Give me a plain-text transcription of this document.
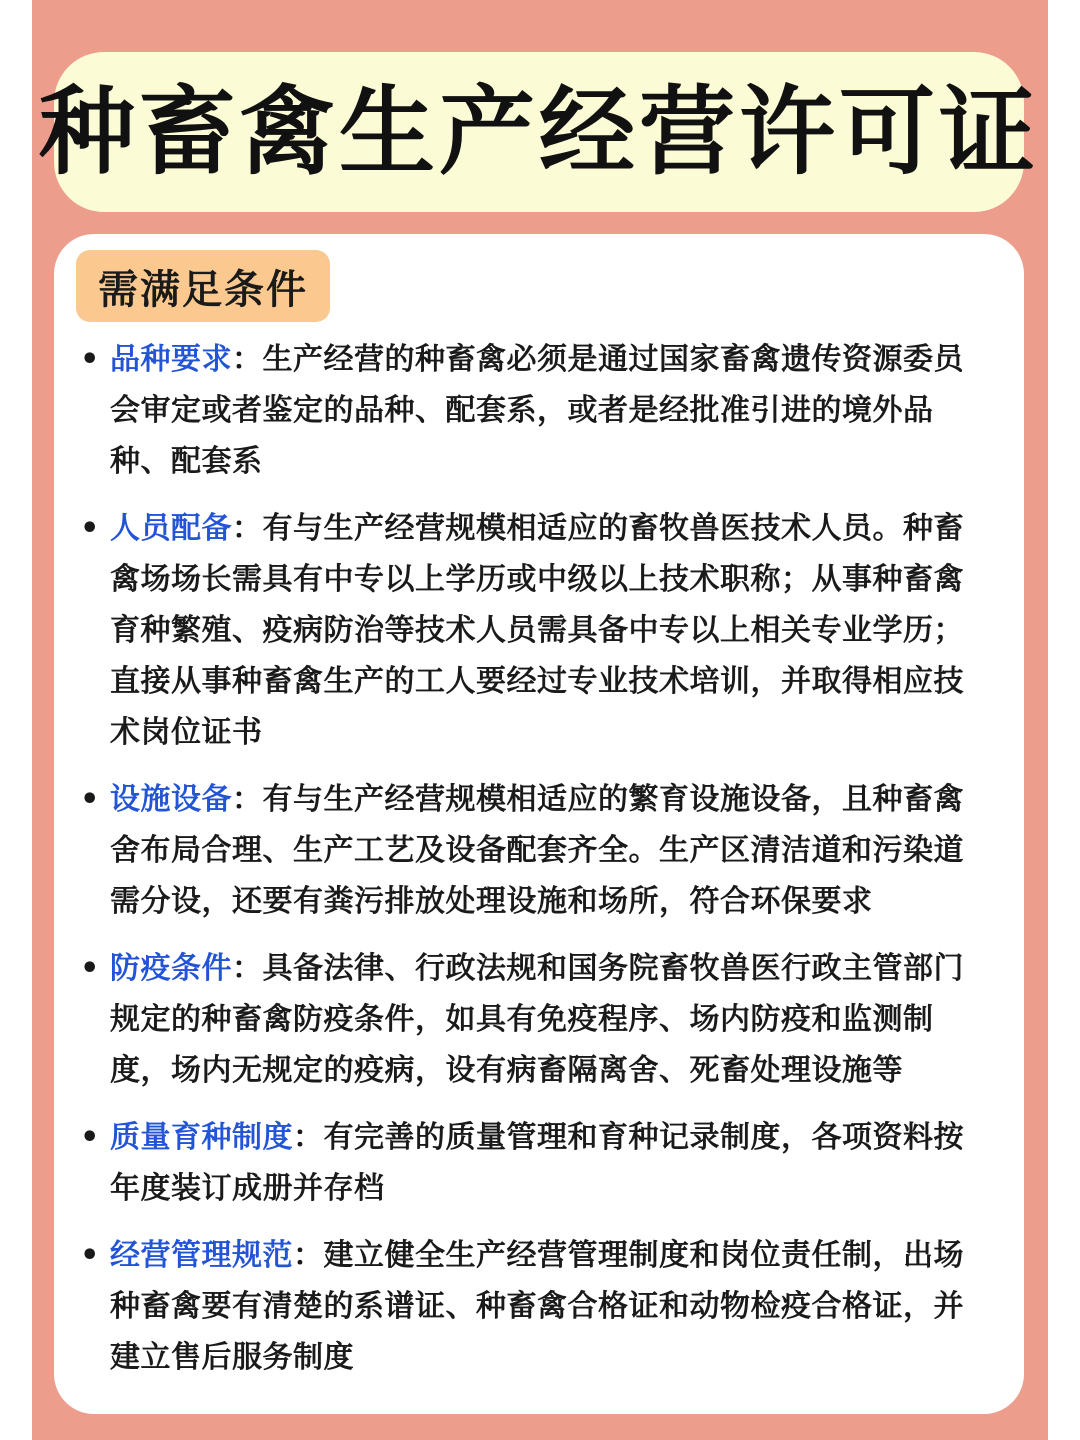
种畜禽生产经营许可证
需满足条件
• 品种要求：生产经营的种畜禽必须是通过国家畜禽遗传资源委员会审定或者鉴定的品种、配套系，或者是经批准引进的境外品种、配套系
• 人员配备：有与生产经营规模相适应的畜牧兽医技术人员。种畜禽场场长需具有中专以上学历或中级以上技术职称；从事种畜禽育种繁殖、疫病防治等技术人员需具备中专以上相关专业学历；直接从事种畜禽生产的工人要经过专业技术培训，并取得相应技术岗位证书
• 设施设备：有与生产经营规模相适应的繁育设施设备，且种畜禽舍布局合理、生产工艺及设备配套齐全。生产区清洁道和污染道需分设，还要有粪污排放处理设施和场所，符合环保要求
• 防疫条件：具备法律、行政法规和国务院畜牧兽医行政主管部门规定的种畜禽防疫条件，如具有免疫程序、场内防疫和监测制度，场内无规定的疫病，设有病畜隔离舍、死畜处理设施等
• 质量育种制度：有完善的质量管理和育种记录制度，各项资料按年度装订成册并存档
• 经营管理规范：建立健全生产经营管理制度和岗位责任制，出场种畜禽要有清楚的系谱证、种畜禽合格证和动物检疫合格证，并建立售后服务制度
